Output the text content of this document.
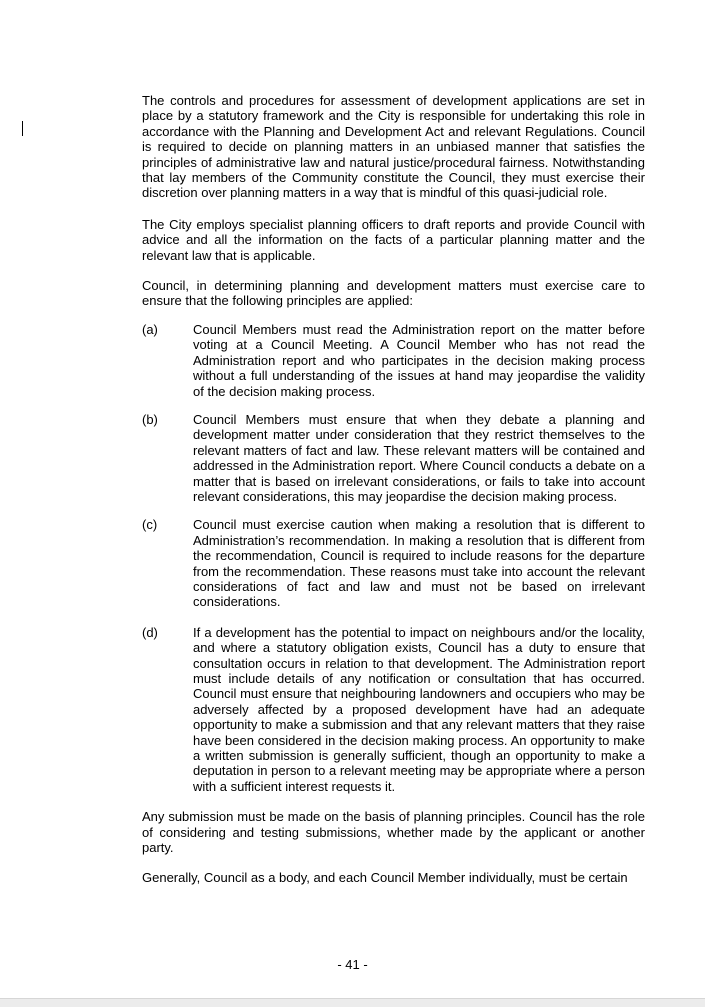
The controls and procedures for assessment of development applications are set in place by a statutory framework and the City is responsible for undertaking this role in accordance with the Planning and Development Act and relevant Regulations. Council is required to decide on planning matters in an unbiased manner that satisfies the principles of administrative law and natural justice/procedural fairness. Notwithstanding that lay members of the Community constitute the Council, they must exercise their discretion over planning matters in a way that is mindful of this quasi-judicial role.

The City employs specialist planning officers to draft reports and provide Council with advice and all the information on the facts of a particular planning matter and the relevant law that is applicable.

Council, in determining planning and development matters must exercise care to ensure that the following principles are applied:

(a)	Council Members must read the Administration report on the matter before voting at a Council Meeting. A Council Member who has not read the Administration report and who participates in the decision making process without a full understanding of the issues at hand may jeopardise the validity of the decision making process.
(b)	Council Members must ensure that when they debate a planning and development matter under consideration that they restrict themselves to the relevant matters of fact and law. These relevant matters will be contained and addressed in the Administration report. Where Council conducts a debate on a matter that is based on irrelevant considerations, or fails to take into account relevant considerations, this may jeopardise the decision making process.
(c)	Council must exercise caution when making a resolution that is different to Administration’s recommendation. In making a resolution that is different from the recommendation, Council is required to include reasons for the departure from the recommendation. These reasons must take into account the relevant considerations of fact and law and must not be based on irrelevant considerations.
(d)	If a development has the potential to impact on neighbours and/or the locality, and where a statutory obligation exists, Council has a duty to ensure that consultation occurs in relation to that development. The Administration report must include details of any notification or consultation that has occurred. Council must ensure that neighbouring landowners and occupiers who may be adversely affected by a proposed development have had an adequate opportunity to make a submission and that any relevant matters that they raise have been considered in the decision making process. An opportunity to make a written submission is generally sufficient, though an opportunity to make a deputation in person to a relevant meeting may be appropriate where a person with a sufficient interest requests it.

Any submission must be made on the basis of planning principles. Council has the role of considering and testing submissions, whether made by the applicant or another party.

Generally, Council as a body, and each Council Member individually, must be certain

- 41 -
